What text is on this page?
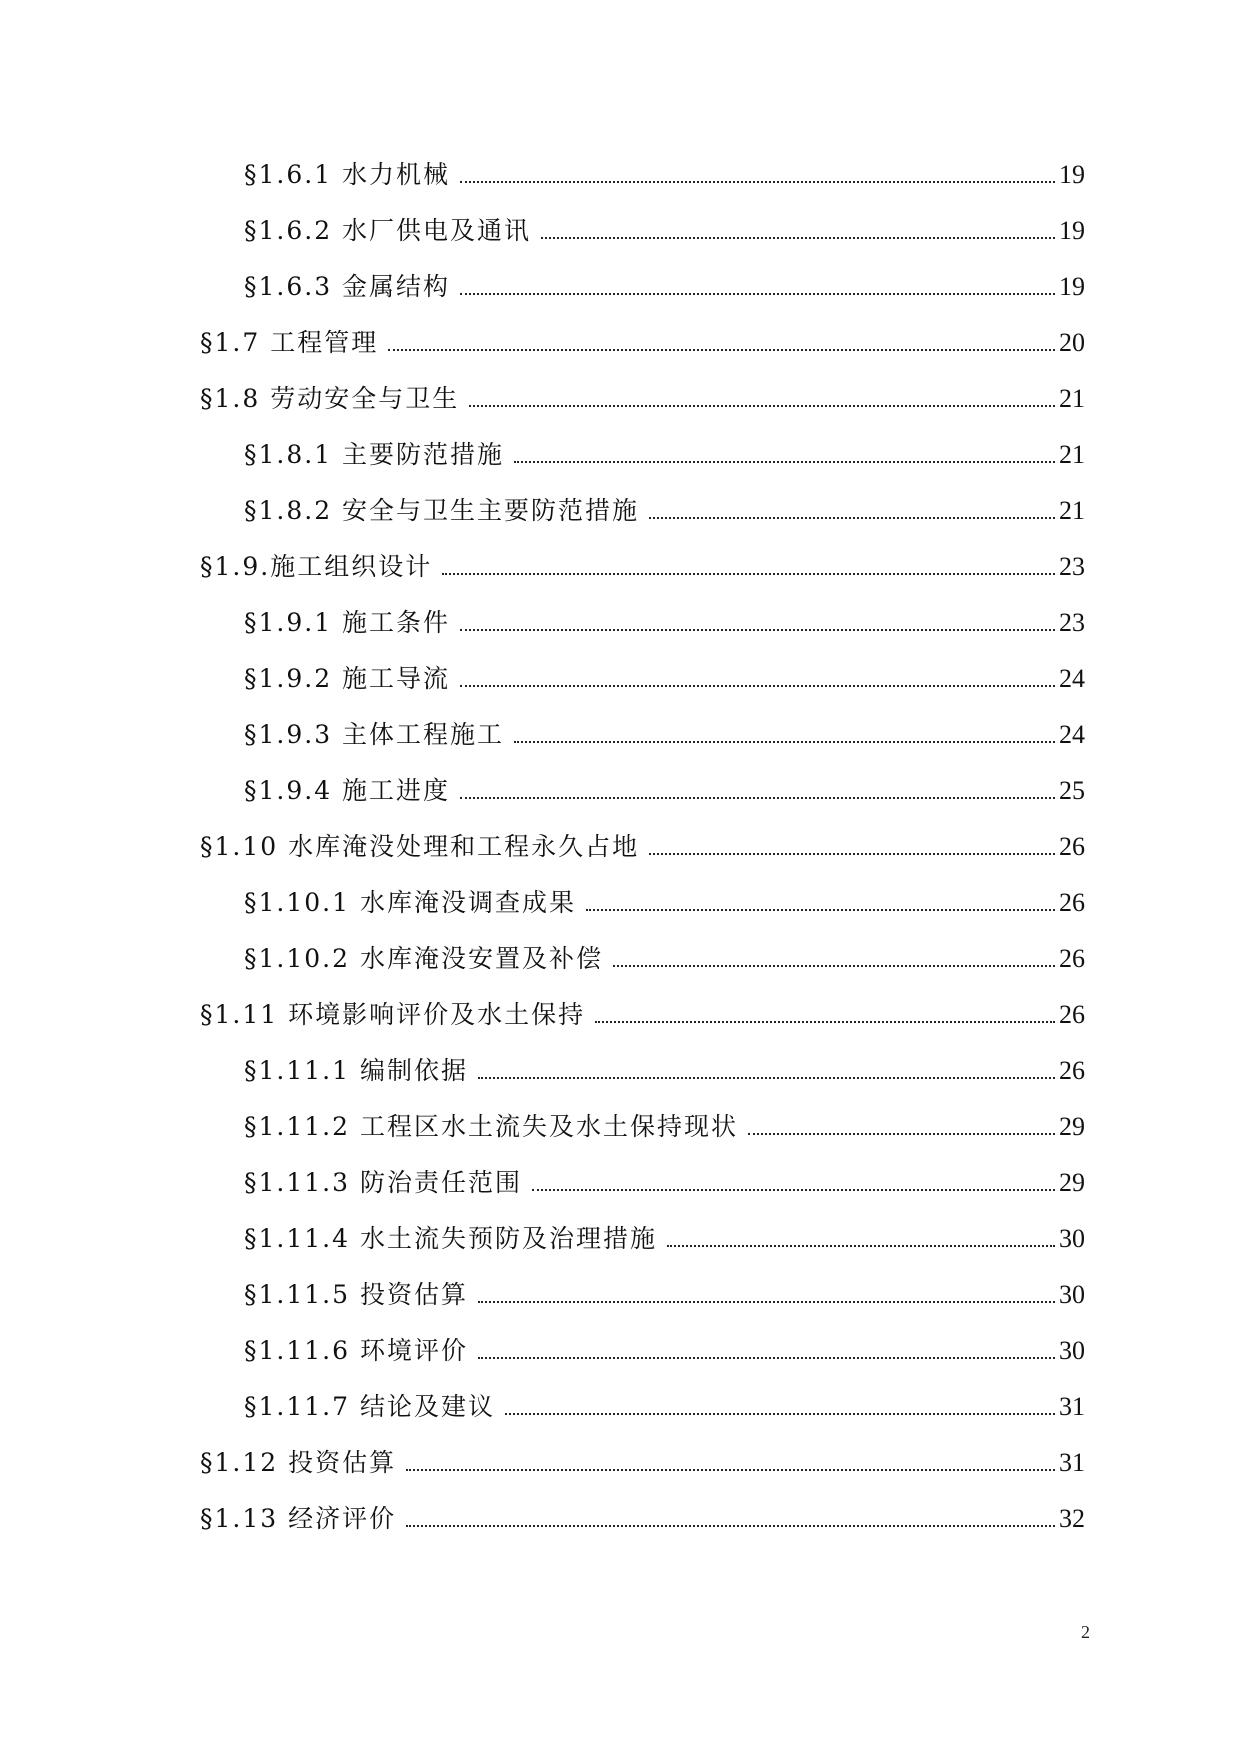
§1.6.1 水力机械	19
§1.6.2 水厂供电及通讯	19
§1.6.3 金属结构	19
§1.7 工程管理	20
§1.8 劳动安全与卫生	21
§1.8.1 主要防范措施	21
§1.8.2 安全与卫生主要防范措施	21
§1.9.施工组织设计	23
§1.9.1 施工条件	23
§1.9.2 施工导流	24
§1.9.3 主体工程施工	24
§1.9.4 施工进度	25
§1.10 水库淹没处理和工程永久占地	26
§1.10.1 水库淹没调查成果	26
§1.10.2 水库淹没安置及补偿	26
§1.11 环境影响评价及水土保持	26
§1.11.1 编制依据	26
§1.11.2 工程区水土流失及水土保持现状	29
§1.11.3 防治责任范围	29
§1.11.4 水土流失预防及治理措施	30
§1.11.5 投资估算	30
§1.11.6 环境评价	30
§1.11.7 结论及建议	31
§1.12 投资估算	31
§1.13 经济评价	32
2
